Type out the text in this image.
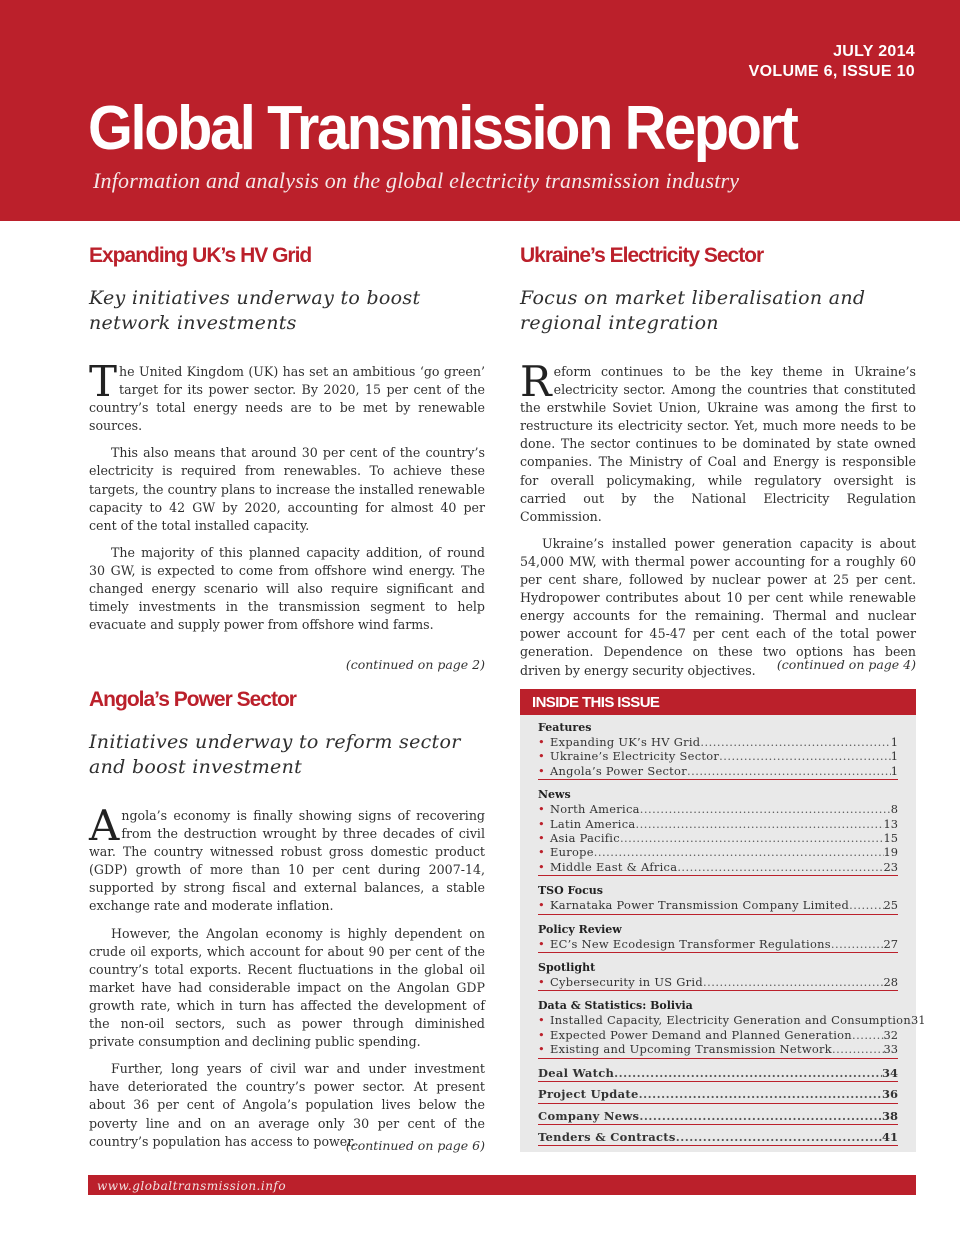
JULY 2014
VOLUME 6, ISSUE 10
Global Transmission Report
Information and analysis on the global electricity transmission industry
Expanding UK’s HV Grid
Key initiatives underway to boost network investments

The United Kingdom (UK) has set an ambitious ‘go green’ target for its power sector. By 2020, 15 per cent of the country’s total energy needs are to be met by renewable sources.

This also means that around 30 per cent of the country’s electricity is required from renewables. To achieve these targets, the country plans to increase the installed renewable capacity to 42 GW by 2020, accounting for almost 40 per cent of the total installed capacity.

The majority of this planned capacity addition, of round 30 GW, is expected to come from offshore wind energy. The changed energy scenario will also require significant and timely investments in the transmission segment to help evacuate and supply power from offshore wind farms.

(continued on page 2)
Ukraine’s Electricity Sector
Focus on market liberalisation and regional integration

Reform continues to be the key theme in Ukraine’s electricity sector. Among the countries that constituted the erstwhile Soviet Union, Ukraine was among the first to restructure its electricity sector. Yet, much more needs to be done. The sector continues to be dominated by state owned companies. The Ministry of Coal and Energy is responsible for overall policymaking, while regulatory oversight is carried out by the National Electricity Regulation Commission.

Ukraine’s installed power generation capacity is about 54,000 MW, with thermal power accounting for a roughly 60 per cent share, followed by nuclear power at 25 per cent. Hydropower contributes about 10 per cent while renewable energy accounts for the remaining. Thermal and nuclear power account for 45-47 per cent each of the total power generation. Dependence on these two options has been driven by energy security objectives.	(continued on page 4)
Angola’s Power Sector
Initiatives underway to reform sector and boost investment

Angola’s economy is finally showing signs of recovering from the destruction wrought by three decades of civil war. The country witnessed robust gross domestic product (GDP) growth of more than 10 per cent during 2007-14, supported by strong fiscal and external balances, a stable exchange rate and moderate inflation.

However, the Angolan economy is highly dependent on crude oil exports, which account for about 90 per cent of the country’s total exports. Recent fluctuations in the global oil market have had considerable impact on the Angolan GDP growth rate, which in turn has affected the development of the non-oil sectors, such as power through diminished private consumption and declining public spending.

Further, long years of civil war and under investment have deteriorated the country’s power sector. At present about 36 per cent of Angola’s population lives below the poverty line and on an average only 30 per cent of the country’s population has access to power.

(continued on page 6)
INSIDE THIS ISSUE
Features
• Expanding UK’s HV Grid .....	1
• Ukraine’s Electricity Sector .....	1
• Angola’s Power Sector .....	1
News
• North America .....	8
• Latin America .....	13
• Asia Pacific .....	15
• Europe .....	19
• Middle East & Africa .....	23
TSO Focus
• Karnataka Power Transmission Company Limited .....	25
Policy Review
• EC’s New Ecodesign Transformer Regulations .....	27
Spotlight
• Cybersecurity in US Grid .....	28
Data & Statistics: Bolivia
• Installed Capacity, Electricity Generation and Consumption 31
• Expected Power Demand and Planned Generation .....	32
• Existing and Upcoming Transmission Network .....	33
Deal Watch .....	34
Project Update .....	36
Company News .....	38
Tenders & Contracts .....	41
www.globaltransmission.info
